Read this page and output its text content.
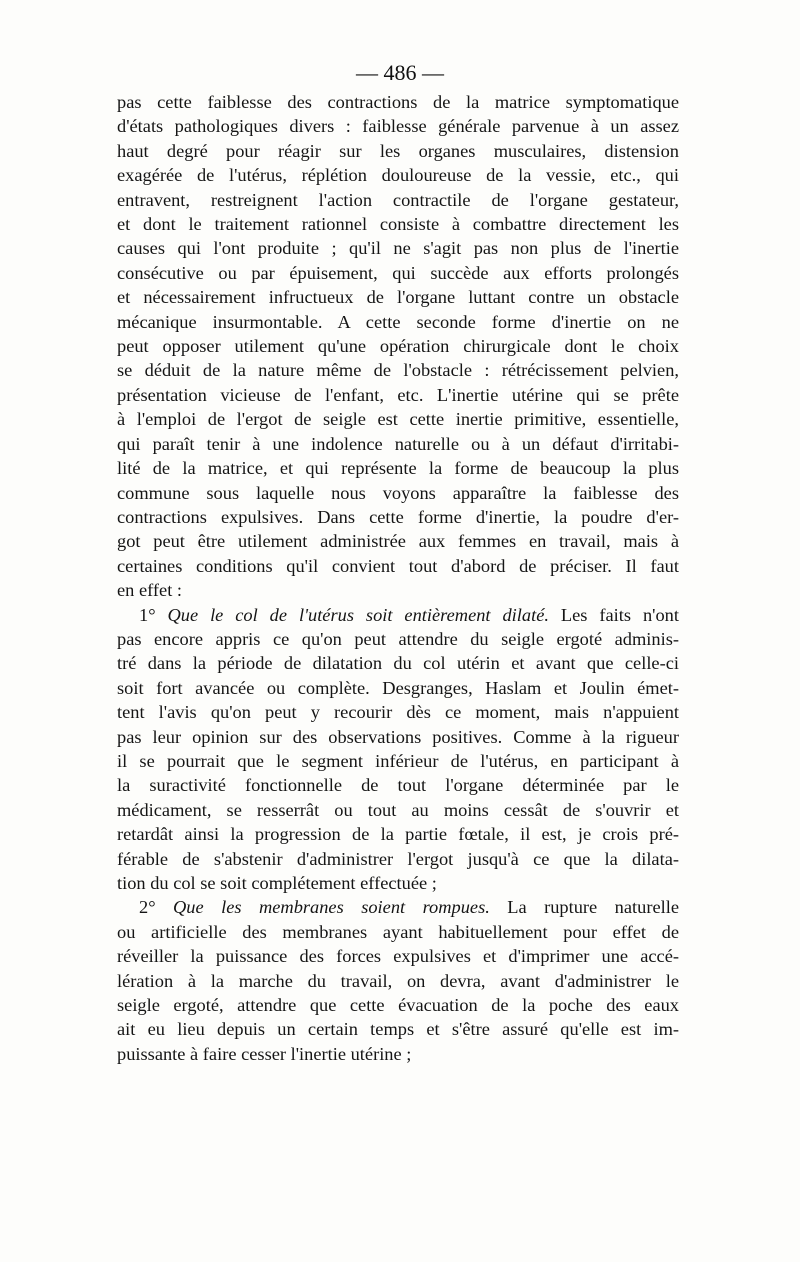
— 486 —

pas cette faiblesse des contractions de la matrice symptomatique
d'états pathologiques divers : faiblesse générale parvenue à un assez
haut degré pour réagir sur les organes musculaires, distension
exagérée de l'utérus, réplétion douloureuse de la vessie, etc., qui
entravent, restreignent l'action contractile de l'organe gestateur,
et dont le traitement rationnel consiste à combattre directement les
causes qui l'ont produite ; qu'il ne s'agit pas non plus de l'inertie
consécutive ou par épuisement, qui succède aux efforts prolongés
et nécessairement infructueux de l'organe luttant contre un obstacle
mécanique insurmontable. A cette seconde forme d'inertie on ne
peut opposer utilement qu'une opération chirurgicale dont le choix
se déduit de la nature même de l'obstacle : rétrécissement pelvien,
présentation vicieuse de l'enfant, etc. L'inertie utérine qui se prête
à l'emploi de l'ergot de seigle est cette inertie primitive, essentielle,
qui paraît tenir à une indolence naturelle ou à un défaut d'irritabi-
lité de la matrice, et qui représente la forme de beaucoup la plus
commune sous laquelle nous voyons apparaître la faiblesse des
contractions expulsives. Dans cette forme d'inertie, la poudre d'er-
got peut être utilement administrée aux femmes en travail, mais à
certaines conditions qu'il convient tout d'abord de préciser. Il faut
en effet :

1° Que le col de l'utérus soit entièrement dilaté. Les faits n'ont
pas encore appris ce qu'on peut attendre du seigle ergoté adminis-
tré dans la période de dilatation du col utérin et avant que celle-ci
soit fort avancée ou complète. Desgranges, Haslam et Joulin émet-
tent l'avis qu'on peut y recourir dès ce moment, mais n'appuient
pas leur opinion sur des observations positives. Comme à la rigueur
il se pourrait que le segment inférieur de l'utérus, en participant à
la suractivité fonctionnelle de tout l'organe déterminée par le
médicament, se resserrât ou tout au moins cessât de s'ouvrir et
retardât ainsi la progression de la partie fœtale, il est, je crois pré-
férable de s'abstenir d'administrer l'ergot jusqu'à ce que la dilata-
tion du col se soit complétement effectuée ;

2° Que les membranes soient rompues. La rupture naturelle
ou artificielle des membranes ayant habituellement pour effet de
réveiller la puissance des forces expulsives et d'imprimer une accé-
lération à la marche du travail, on devra, avant d'administrer le
seigle ergoté, attendre que cette évacuation de la poche des eaux
ait eu lieu depuis un certain temps et s'être assuré qu'elle est im-
puissante à faire cesser l'inertie utérine ;
